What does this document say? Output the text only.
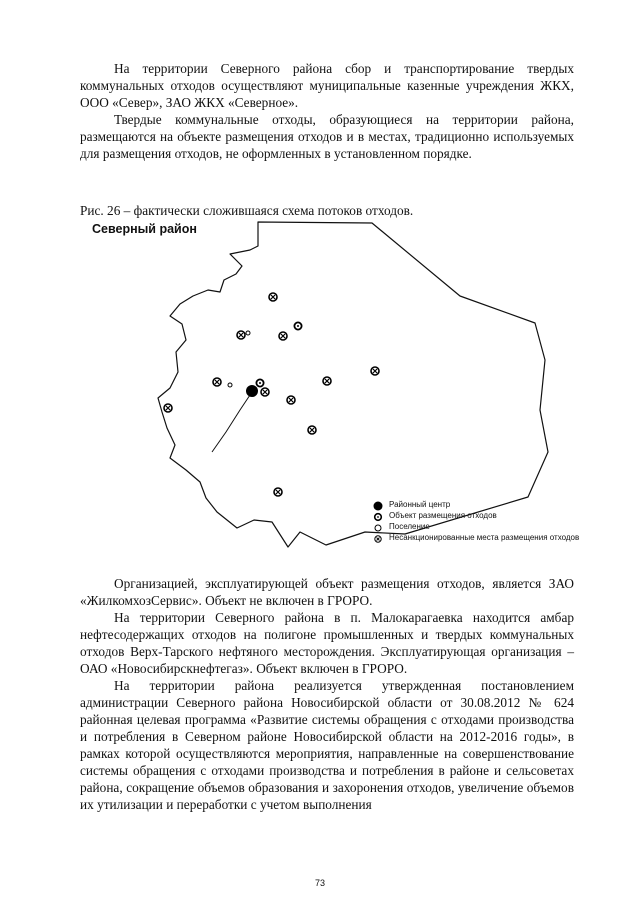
На территории Северного района сбор и транспортирование твердых коммунальных отходов осуществляют муниципальные казенные учреждения ЖКХ, ООО «Север», ЗАО ЖКХ «Северное».

Твердые коммунальные отходы, образующиеся на территории района, размещаются на объекте размещения отходов и в местах, традиционно используемых для размещения отходов, не оформленных в установленном порядке.

Рис. 26 – фактически сложившаяся схема потоков отходов.
Северный район
Районный центр
Объект размещения отходов
Поселение
Несанкционированные места размещения отходов

Организацией, эксплуатирующей объект размещения отходов, является ЗАО «ЖилкомхозСервис». Объект не включен в ГРОРО.

На территории Северного района в п. Малокарагаевка находится амбар нефтесодержащих отходов на полигоне промышленных и твердых коммунальных отходов Верх-Тарского нефтяного месторождения. Эксплуатирующая организация – ОАО «Новосибирскнефтегаз». Объект включен в ГРОРО.

На территории района реализуется утвержденная постановлением администрации Северного района Новосибирской области от 30.08.2012 № 624 районная целевая программа «Развитие системы обращения с отходами производства и потребления в Северном районе Новосибирской области на 2012-2016 годы», в рамках которой осуществляются мероприятия, направленные на совершенствование системы обращения с отходами производства и потребления в районе и сельсоветах района, сокращение объемов образования и захоронения отходов, увеличение объемов их утилизации и переработки с учетом выполнения

73
